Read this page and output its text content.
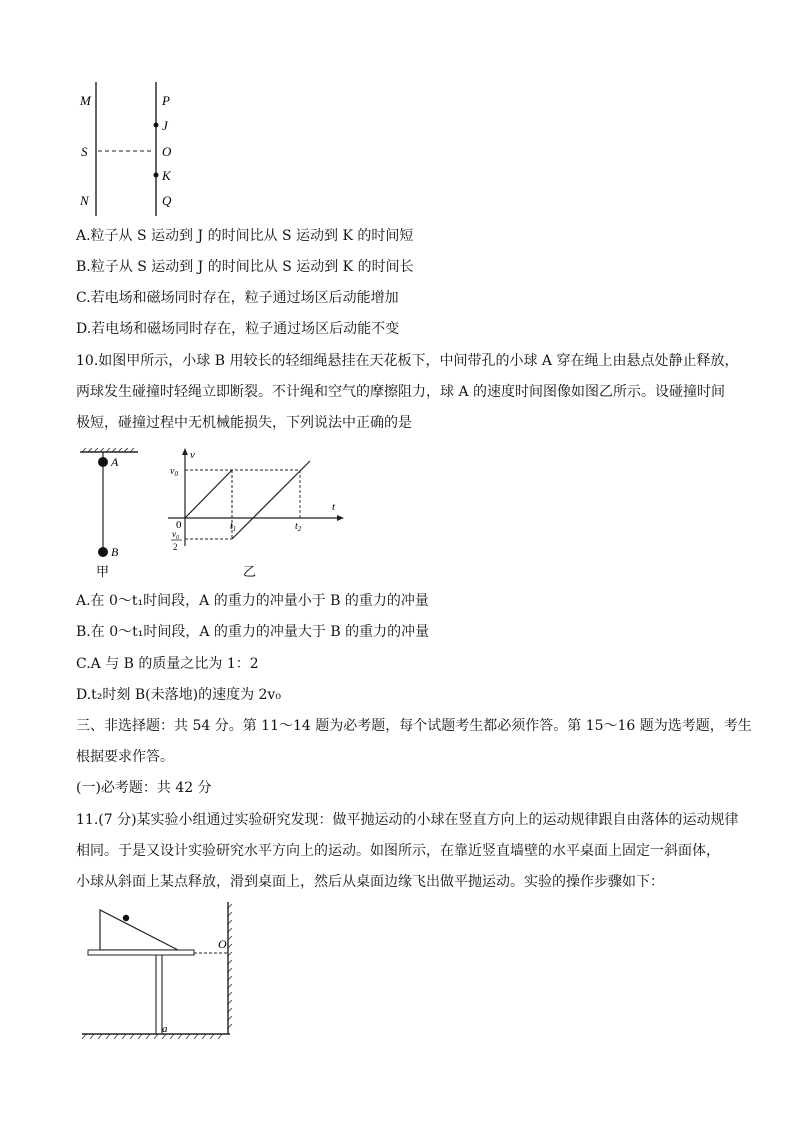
M
S
N
P
J
O
K
Q
A.粒子从 S 运动到 J 的时间比从 S 运动到 K 的时间短
B.粒子从 S 运动到 J 的时间比从 S 运动到 K 的时间长
C.若电场和磁场同时存在，粒子通过场区后动能增加
D.若电场和磁场同时存在，粒子通过场区后动能不变
10.如图甲所示，小球 B 用较长的轻细绳悬挂在天花板下，中间带孔的小球 A 穿在绳上由悬点处静止释放，
两球发生碰撞时轻绳立即断裂。不计绳和空气的摩擦阻力，球 A 的速度时间图像如图乙所示。设碰撞时间
极短，碰撞过程中无机械能损失，下列说法中正确的是
A
B
甲
v
t
0
$v_0$
$t_1$	$t_2$
$v_0$
2
乙
A.在 0～t₁时间段，A 的重力的冲量小于 B 的重力的冲量
B.在 0～t₁时间段，A 的重力的冲量大于 B 的重力的冲量
C.A 与 B 的质量之比为 1：2
D.t₂时刻 B(未落地)的速度为 2v₀
三、非选择题：共 54 分。第 11～14 题为必考题，每个试题考生都必须作答。第 15～16 题为选考题，考生
根据要求作答。
(一)必考题：共 42 分
11.(7 分)某实验小组通过实验研究发现：做平抛运动的小球在竖直方向上的运动规律跟自由落体的运动规律
相同。于是又设计实验研究水平方向上的运动。如图所示，在靠近竖直墙壁的水平桌面上固定一斜面体，
小球从斜面上某点释放，滑到桌面上，然后从桌面边缘飞出做平抛运动。实验的操作步骤如下：
O
a
